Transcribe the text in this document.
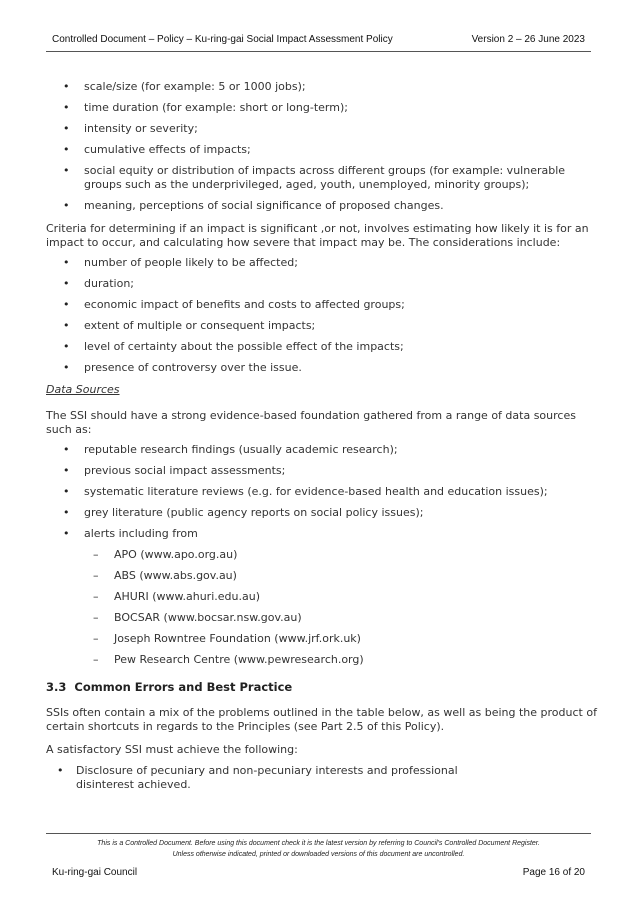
Controlled Document – Policy – Ku-ring-gai Social Impact Assessment Policy	Version 2 – 26 June 2023
• scale/size (for example: 5 or 1000 jobs);
• time duration (for example: short or long-term);
• intensity or severity;
• cumulative effects of impacts;
• social equity or distribution of impacts across different groups (for example: vulnerable groups such as the underprivileged, aged, youth, unemployed, minority groups);
• meaning, perceptions of social significance of proposed changes.

Criteria for determining if an impact is significant ,or not, involves estimating how likely it is for an impact to occur, and calculating how severe that impact may be. The considerations include:

• number of people likely to be affected;
• duration;
• economic impact of benefits and costs to affected groups;
• extent of multiple or consequent impacts;
• level of certainty about the possible effect of the impacts;
• presence of controversy over the issue.

Data Sources

The SSI should have a strong evidence-based foundation gathered from a range of data sources such as:

• reputable research findings (usually academic research);
• previous social impact assessments;
• systematic literature reviews (e.g. for evidence-based health and education issues);
• grey literature (public agency reports on social policy issues);
• alerts including from
– APO (www.apo.org.au)
– ABS (www.abs.gov.au)
– AHURI (www.ahuri.edu.au)
– BOCSAR (www.bocsar.nsw.gov.au)
– Joseph Rowntree Foundation (www.jrf.ork.uk)
– Pew Research Centre (www.pewresearch.org)

3.3 Common Errors and Best Practice

SSIs often contain a mix of the problems outlined in the table below, as well as being the product of certain shortcuts in regards to the Principles (see Part 2.5 of this Policy).

A satisfactory SSI must achieve the following:

• Disclosure of pecuniary and non-pecuniary interests and professional disinterest achieved.
This is a Controlled Document. Before using this document check it is the latest version by referring to Council's Controlled Document Register.
Unless otherwise indicated, printed or downloaded versions of this document are uncontrolled.
Ku-ring-gai Council	Page 16 of 20
